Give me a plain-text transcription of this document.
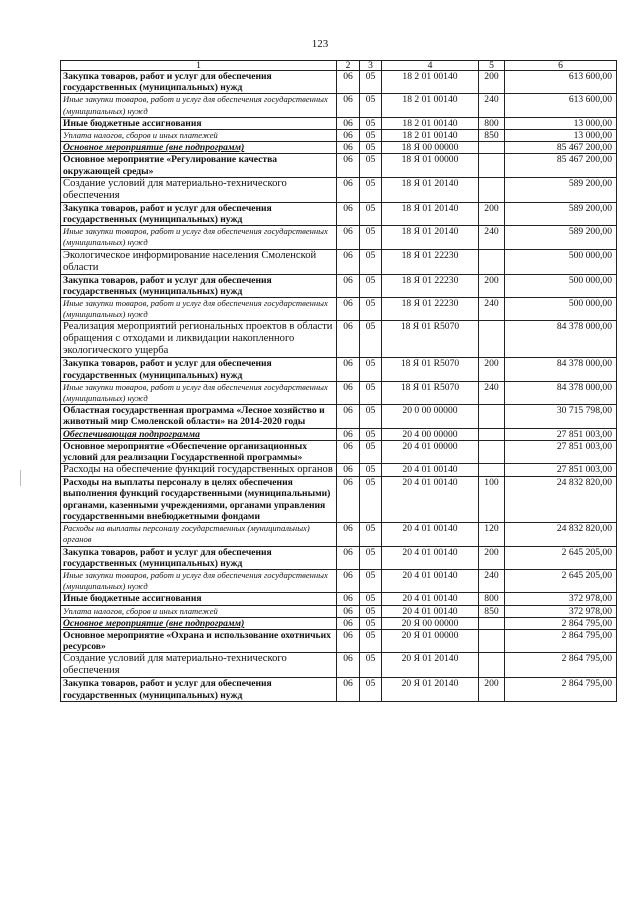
123
1	2	3	4	5	6
Закупка товаров, работ и услуг для обеспечения государственных (муниципальных) нужд	06	05	18 2 01 00140	200	613 600,00
Иные закупки товаров, работ и услуг для обеспечения государственных (муниципальных) нужд	06	05	18 2 01 00140	240	613 600,00
Иные бюджетные ассигнования	06	05	18 2 01 00140	800	13 000,00
Уплата налогов, сборов и иных платежей	06	05	18 2 01 00140	850	13 000,00
Основное мероприятие (вне подпрограмм)	06	05	18 Я 00 00000		85 467 200,00
Основное мероприятие «Регулирование качества окружающей среды»	06	05	18 Я 01 00000		85 467 200,00
Создание условий для материально-технического обеспечения	06	05	18 Я 01 20140		589 200,00
Закупка товаров, работ и услуг для обеспечения государственных (муниципальных) нужд	06	05	18 Я 01 20140	200	589 200,00
Иные закупки товаров, работ и услуг для обеспечения государственных (муниципальных) нужд	06	05	18 Я 01 20140	240	589 200,00
Экологическое информирование населения Смоленской области	06	05	18 Я 01 22230		500 000,00
Закупка товаров, работ и услуг для обеспечения государственных (муниципальных) нужд	06	05	18 Я 01 22230	200	500 000,00
Иные закупки товаров, работ и услуг для обеспечения государственных (муниципальных) нужд	06	05	18 Я 01 22230	240	500 000,00
Реализация мероприятий региональных проектов в области обращения с отходами и ликвидации накопленного экологического ущерба	06	05	18 Я 01 R5070		84 378 000,00
Закупка товаров, работ и услуг для обеспечения государственных (муниципальных) нужд	06	05	18 Я 01 R5070	200	84 378 000,00
Иные закупки товаров, работ и услуг для обеспечения государственных (муниципальных) нужд	06	05	18 Я 01 R5070	240	84 378 000,00
Областная государственная программа «Лесное хозяйство и животный мир Смоленской области» на 2014-2020 годы	06	05	20 0 00 00000		30 715 798,00
Обеспечивающая подпрограмма	06	05	20 4 00 00000		27 851 003,00
Основное мероприятие «Обеспечение организационных условий для реализации Государственной программы»	06	05	20 4 01 00000		27 851 003,00
Расходы на обеспечение функций государственных органов	06	05	20 4 01 00140		27 851 003,00
Расходы на выплаты персоналу в целях обеспечения выполнения функций государственными (муниципальными) органами, казенными учреждениями, органами управления государственными внебюджетными фондами	06	05	20 4 01 00140	100	24 832 820,00
Расходы на выплаты персоналу государственных (муниципальных) органов	06	05	20 4 01 00140	120	24 832 820,00
Закупка товаров, работ и услуг для обеспечения государственных (муниципальных) нужд	06	05	20 4 01 00140	200	2 645 205,00
Иные закупки товаров, работ и услуг для обеспечения государственных (муниципальных) нужд	06	05	20 4 01 00140	240	2 645 205,00
Иные бюджетные ассигнования	06	05	20 4 01 00140	800	372 978,00
Уплата налогов, сборов и иных платежей	06	05	20 4 01 00140	850	372 978,00
Основное мероприятие (вне подпрограмм)	06	05	20 Я 00 00000		2 864 795,00
Основное мероприятие «Охрана и использование охотничьих ресурсов»	06	05	20 Я 01 00000		2 864 795,00
Создание условий для материально-технического обеспечения	06	05	20 Я 01 20140		2 864 795,00
Закупка товаров, работ и услуг для обеспечения государственных (муниципальных) нужд	06	05	20 Я 01 20140	200	2 864 795,00
